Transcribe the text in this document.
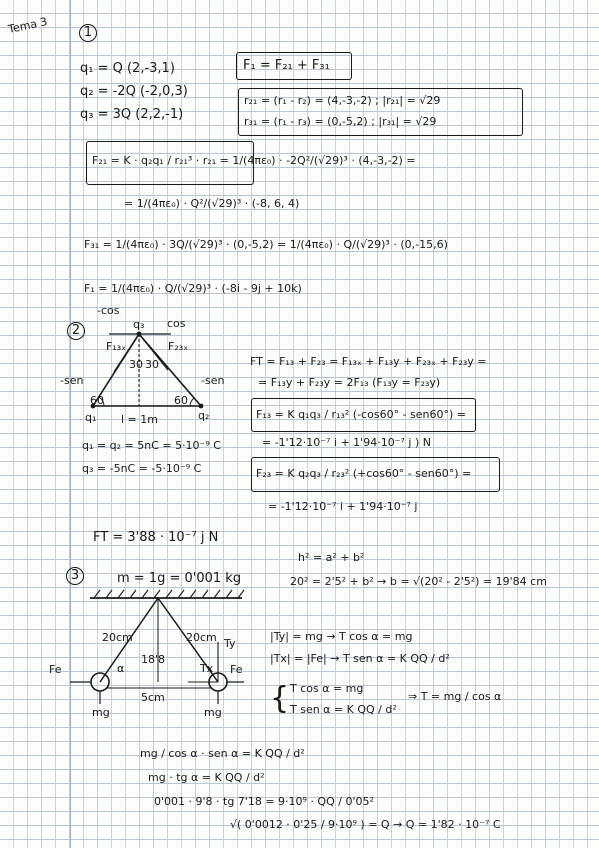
Tema 3	1
q₁ = Q (2,-3,1)
q₂ = -2Q (-2,0,3)
q₃ = 3Q (2,2,-1)
F₁ = F₂₁ + F₃₁
r₂₁ = (r₁ - r₂) = (4,-3,-2) ; |r₂₁| = √29
r₃₁ = (r₁ - r₃) = (0,-5,2) ; |r₃₁| = √29
F₂₁ = K · q₂q₁ / r₂₁³ · r₂₁ = 1/(4πε₀) · -2Q²/(√29)³ · (4,-3,-2) =
= 1/(4πε₀) · Q²/(√29)³ · (-8, 6, 4)
F₃₁ = 1/(4πε₀) · 3Q/(√29)³ · (0,-5,2) = 1/(4πε₀) · Q/(√29)³ · (0,-15,6)
F₁ = 1/(4πε₀) · Q/(√29)³ · (-8i - 9j + 10k)
2
-cos
cos
-sen	-sen
q₃
F₁₃ₓ	F₂₃ₓ
30 30
60	60
q₁	q₂
l = 1m
q₁ = q₂ = 5nC = 5·10⁻⁹ C
q₃ = -5nC = -5·10⁻⁹ C
FT = F₁₃ + F₂₃ = F₁₃ₓ + F₁₃y + F₂₃ₓ + F₂₃y =
= F₁₃y + F₂₃y = 2F₁₃ (F₁₃y = F₂₃y)
F₁₃ = K q₁q₃ / r₁₃² (-cos60° - sen60°) =
= -1'12·10⁻⁷ i + 1'94·10⁻⁷ j ) N
F₂₃ = K q₂q₃ / r₂₃² (+cos60° - sen60°) =
= -1'12·10⁻⁷ i + 1'94·10⁻⁷ j
FT = 3'88 · 10⁻⁷ j N
3	m = 1g = 0'001 kg
h² = a² + b²
20² = 2'5² + b² → b = √(20² - 2'5²) = 19'84 cm
20cm	20cm Ty
Tx
α
18'8
Fe	Fe
5cm
mg	mg
|Ty| = mg → T cos α = mg
|Tx| = |Fe| → T sen α = K QQ / d²
{ T cos α = mg
T sen α = K QQ / d²
⇒ T = mg / cos α
mg / cos α · sen α = K QQ / d²
mg · tg α = K QQ / d²
0'001 · 9'8 · tg 7'18 = 9·10⁹ · QQ / 0'05²
√( 0'0012 · 0'25 / 9·10⁹ ) = Q → Q = 1'82 · 10⁻⁷ C
